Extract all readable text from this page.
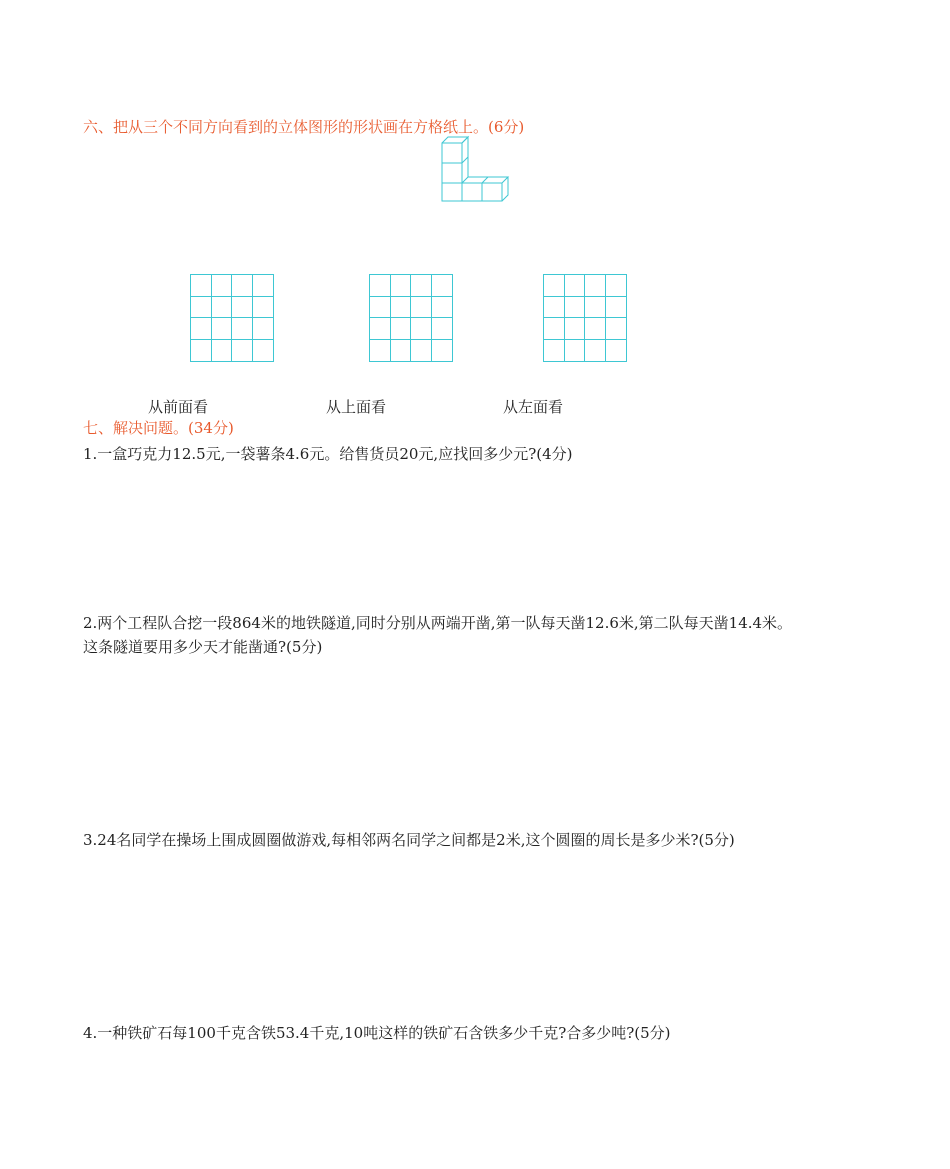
六、把从三个不同方向看到的立体图形的形状画在方格纸上。(6分)
从前面看	从上面看	从左面看
七、解决问题。(34分)
1.一盒巧克力12.5元,一袋薯条4.6元。给售货员20元,应找回多少元?(4分)
2.两个工程队合挖一段864米的地铁隧道,同时分别从两端开凿,第一队每天凿12.6米,第二队每天凿14.4米。
这条隧道要用多少天才能凿通?(5分)
3.24名同学在操场上围成圆圈做游戏,每相邻两名同学之间都是2米,这个圆圈的周长是多少米?(5分)
4.一种铁矿石每100千克含铁53.4千克,10吨这样的铁矿石含铁多少千克?合多少吨?(5分)
